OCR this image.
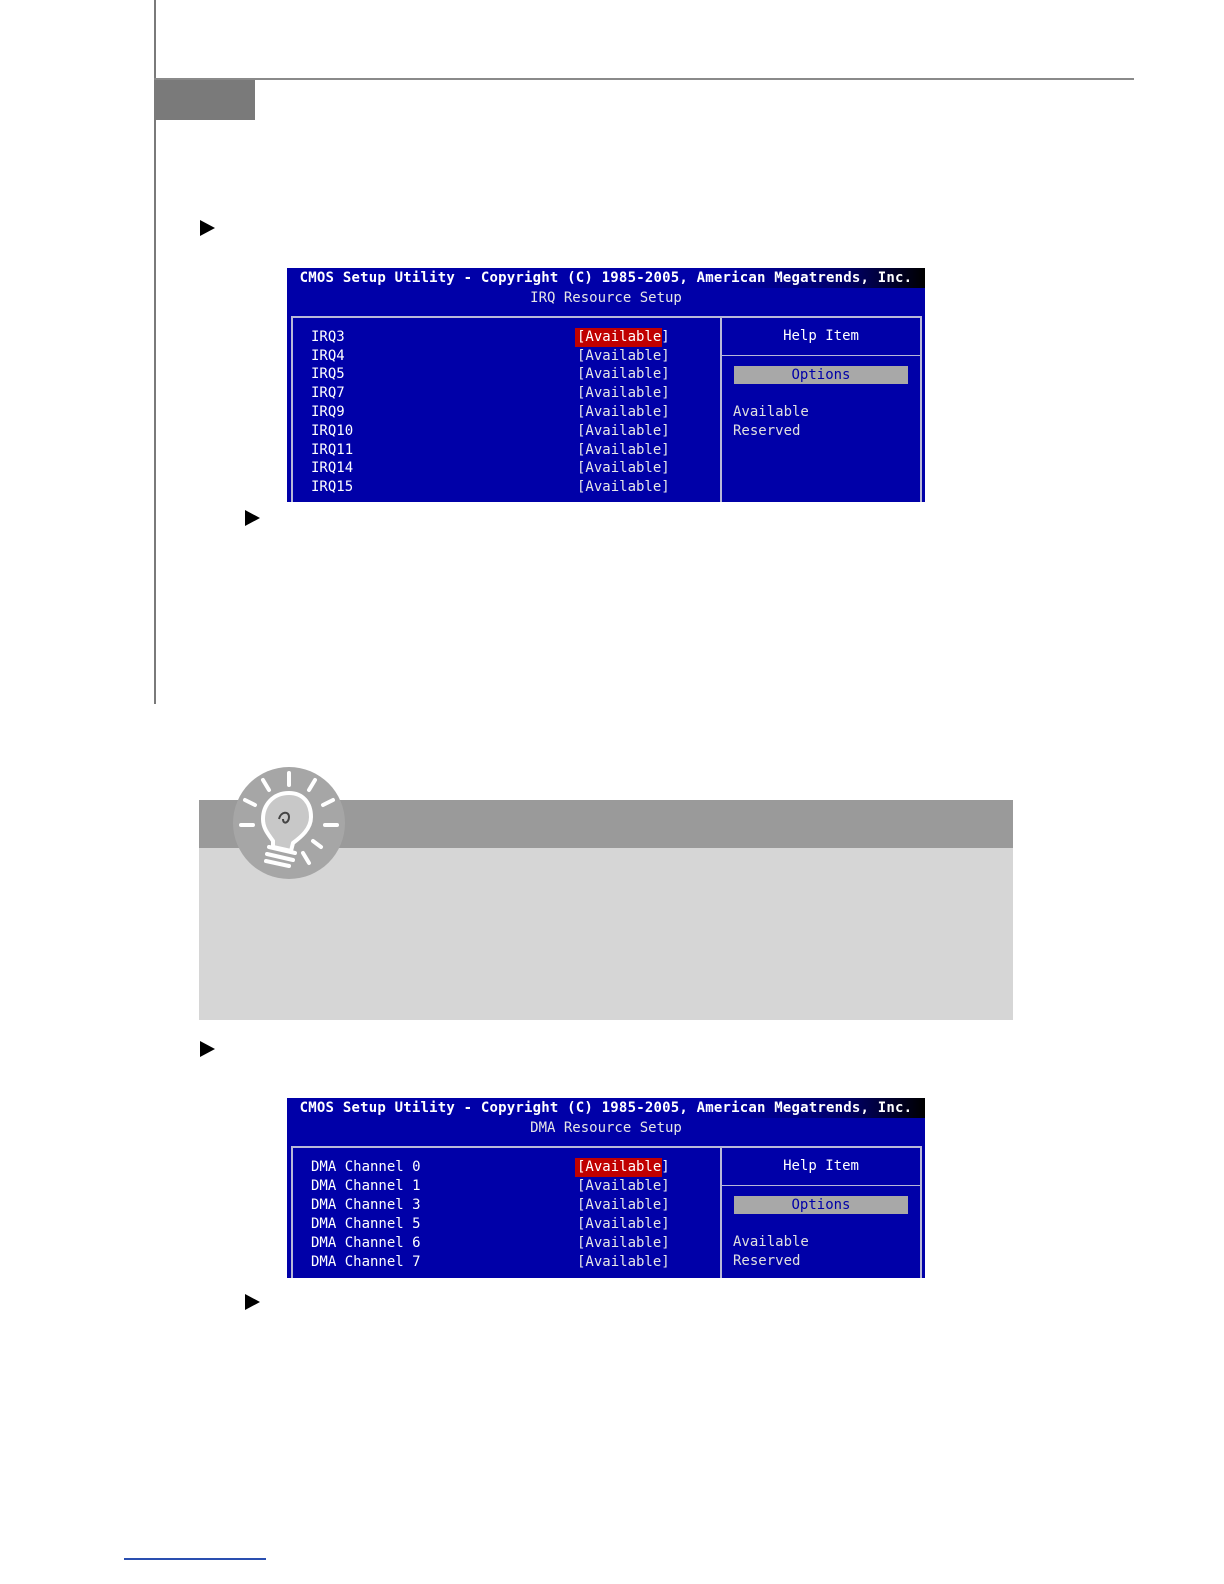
CMOS Setup Utility - Copyright (C) 1985-2005, American Megatrends, Inc.
IRQ Resource Setup
Help Item
Options
Available
Reserved
IRQ3	[Available]
IRQ4	[Available]
IRQ5	[Available]
IRQ7	[Available]
IRQ9	[Available]
IRQ10	[Available]
IRQ11	[Available]
IRQ14	[Available]
IRQ15	[Available]
CMOS Setup Utility - Copyright (C) 1985-2005, American Megatrends, Inc.
DMA Resource Setup
Help Item
Options
Available
Reserved
DMA Channel 0	[Available]
DMA Channel 1	[Available]
DMA Channel 3	[Available]
DMA Channel 5	[Available]
DMA Channel 6	[Available]
DMA Channel 7	[Available]
